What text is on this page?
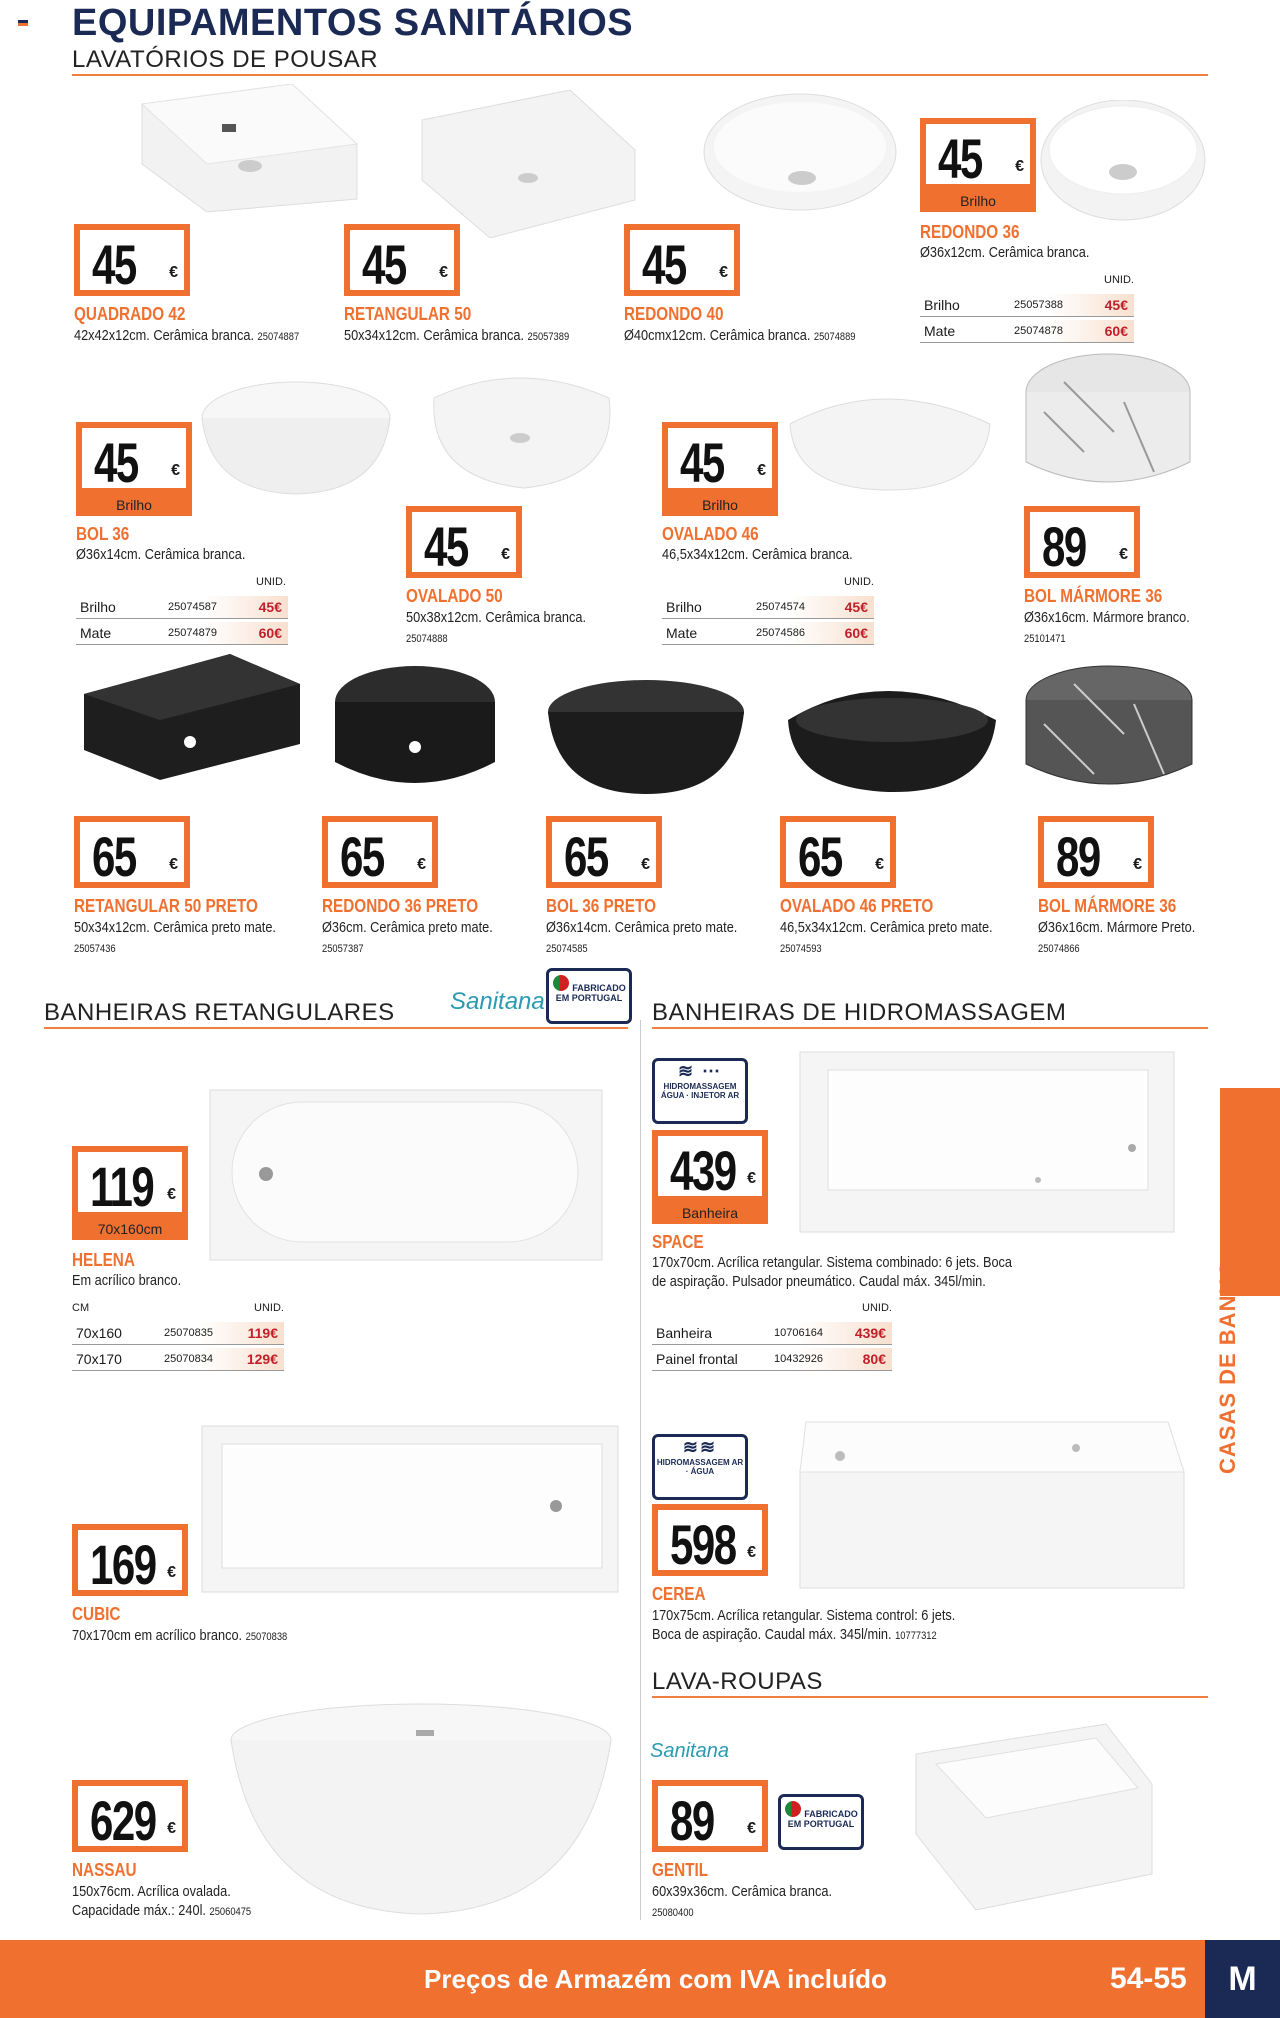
EQUIPAMENTOS SANITÁRIOS
LAVATÓRIOS DE POUSAR
45 €
QUADRADO 42
42x42x12cm. Cerâmica branca. 25074887
45 €
RETANGULAR 50
50x34x12cm. Cerâmica branca. 25057389
45 €
REDONDO 40
Ø40cmx12cm. Cerâmica branca. 25074889
45 €
Brilho
REDONDO 36
Ø36x12cm. Cerâmica branca.
UNID.
Brilho	25057388	45€
Mate	25074878	60€
45 €
Brilho
BOL 36
Ø36x14cm. Cerâmica branca.
UNID.
Brilho	25074587	45€
Mate	25074879	60€
45 €
OVALADO 50
50x38x12cm. Cerâmica branca.
25074888
45 €
Brilho
OVALADO 46
46,5x34x12cm. Cerâmica branca.
UNID.
Brilho	25074574	45€
Mate	25074586	60€
89 €
BOL MÁRMORE 36
Ø36x16cm. Mármore branco.
25101471
65 €
RETANGULAR 50 PRETO
50x34x12cm. Cerâmica preto mate.
25057436
65 €
REDONDO 36 PRETO
Ø36cm. Cerâmica preto mate.
25057387
65 €
BOL 36 PRETO
Ø36x14cm. Cerâmica preto mate.
25074585
65 €
OVALADO 46 PRETO
46,5x34x12cm. Cerâmica preto mate.
25074593
89 €
BOL MÁRMORE 36
Ø36x16cm. Mármore Preto.
25074866
BANHEIRAS RETANGULARES Sanitana	FABRICADO EM PORTUGAL
BANHEIRAS DE HIDROMASSAGEM
119 €
70x160cm
HELENA
Em acrílico branco.
CM	UNID.
70x160	25070835 119€
70x170	25070834 129€
169 €
CUBIC
70x170cm em acrílico branco. 25070838
629 €
NASSAU
150x76cm. Acrílica ovalada.
Capacidade máx.: 240l. 25060475
≋ ⋯
HIDROMASSAGEM ÁGUA · INJETOR AR
439 €
Banheira
SPACE
170x70cm. Acrílica retangular. Sistema combinado: 6 jets. Boca
de aspiração. Pulsador pneumático. Caudal máx. 345l/min.
UNID.
Banheira	10706164 439€
Painel frontal	10432926	80€
≋≋
HIDROMASSAGEM AR · ÁGUA
598 €
CEREA
170x75cm. Acrílica retangular. Sistema control: 6 jets.
Boca de aspiração. Caudal máx. 345l/min. 10777312
LAVA-ROUPAS
Sanitana
89 €
FABRICADO EM PORTUGAL
GENTIL
60x39x36cm. Cerâmica branca.
25080400
CASAS DE BANHO
Preços de Armazém com IVA incluído	54-55	M
